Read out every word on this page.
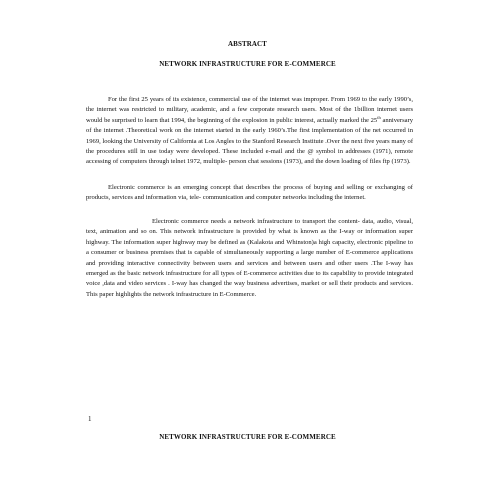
ABSTRACT
NETWORK INFRASTRUCTURE FOR E-COMMERCE

For the first 25 years of its existence, commercial use of the internet was improper. From 1969 to the early 1990’s, the internet was restricted to military, academic, and a few corporate research users. Most of the 1billion internet users would be surprised to learn that 1994, the beginning of the explosion in public interest, actually marked the 25th anniversary of the internet .Theoretical work on the internet started in the early 1960’s.The first implementation of the net occurred in 1969, looking the University of California at Los Angles to the Stanford Research Institute .Over the next five years many of the procedures still in use today were developed. These included e-mail and the @ symbol in addresses (1971), remote accessing of computers through telnet 1972, multiple- person chat sessions (1973), and the down loading of files ftp (1973).

Electronic commerce is an emerging concept that describes the process of buying and selling or exchanging of products, services and information via, tele- communication and computer networks including the internet.

Electronic commerce needs a network infrastructure to transport the content- data, audio, visual, text, animation and so on. This network infrastructure is provided by what is known as the I-way or information super highway. The information super highway may be defined as (Kalakota and Whinston)a high capacity, electronic pipeline to a consumer or business premises that is capable of simultaneously supporting a large number of E-commerce applications and providing interactive connectivity between users and services and between users and other users .The I-way has emerged as the basic network infrastructure for all types of E-commerce activities due to its capability to provide integrated voice ,data and video services . I-way has changed the way business advertises, market or sell their products and services. This paper highlights the network infrastructure in E-Commerce.

1
NETWORK INFRASTRUCTURE FOR E-COMMERCE
